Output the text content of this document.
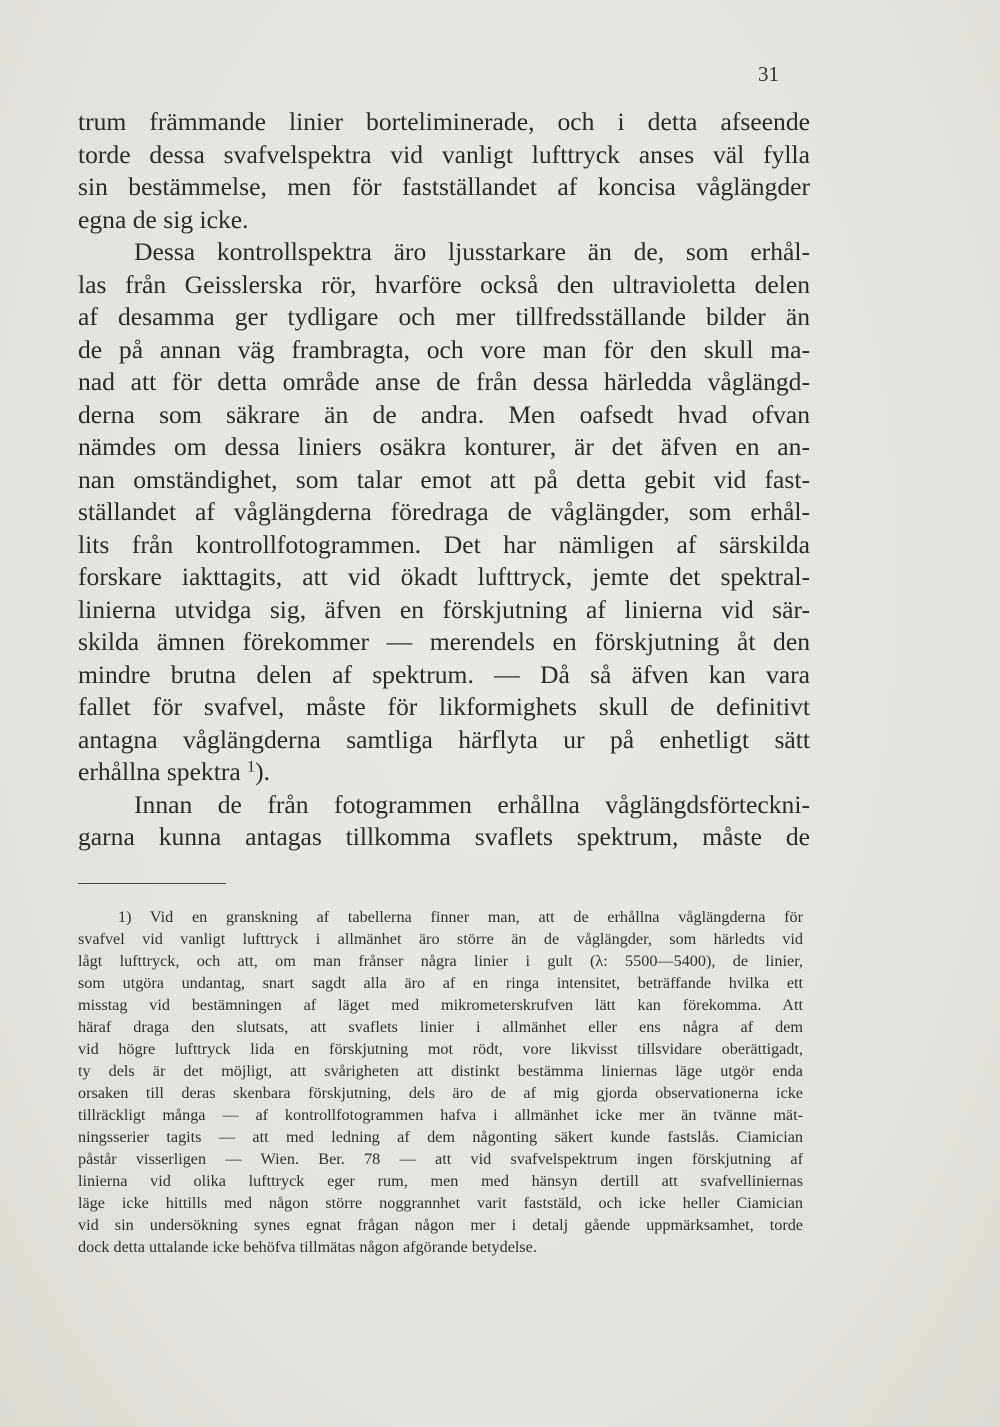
31
trum främmande linier borteliminerade, och i detta afseende
torde dessa svafvelspektra vid vanligt lufttryck anses väl fylla
sin bestämmelse, men för fastställandet af koncisa våglängder
egna de sig icke.
Dessa kontrollspektra äro ljusstarkare än de, som erhål-
las från Geisslerska rör, hvarföre också den ultravioletta delen
af desamma ger tydligare och mer tillfredsställande bilder än
de på annan väg frambragta, och vore man för den skull ma-
nad att för detta område anse de från dessa härledda våglängd-
derna som säkrare än de andra. Men oafsedt hvad ofvan
nämdes om dessa liniers osäkra konturer, är det äfven en an-
nan omständighet, som talar emot att på detta gebit vid fast-
ställandet af våglängderna föredraga de våglängder, som erhål-
lits från kontrollfotogrammen. Det har nämligen af särskilda
forskare iakttagits, att vid ökadt lufttryck, jemte det spektral-
linierna utvidga sig, äfven en förskjutning af linierna vid sär-
skilda ämnen förekommer — merendels en förskjutning åt den
mindre brutna delen af spektrum. — Då så äfven kan vara
fallet för svafvel, måste för likformighets skull de definitivt
antagna våglängderna samtliga härflyta ur på enhetligt sätt
erhållna spektra $^1$).
Innan de från fotogrammen erhållna våglängdsförteckni-
garna kunna antagas tillkomma svaflets spektrum, måste de
1) Vid en granskning af tabellerna finner man, att de erhållna våglängderna för
svafvel vid vanligt lufttryck i allmänhet äro större än de våglängder, som härledts vid
lågt lufttryck, och att, om man frånser några linier i gult (λ: 5500—5400), de linier,
som utgöra undantag, snart sagdt alla äro af en ringa intensitet, beträffande hvilka ett
misstag vid bestämningen af läget med mikrometerskrufven lätt kan förekomma. Att
häraf draga den slutsats, att svaflets linier i allmänhet eller ens några af dem
vid högre lufttryck lida en förskjutning mot rödt, vore likvisst tillsvidare oberättigadt,
ty dels är det möjligt, att svårigheten att distinkt bestämma liniernas läge utgör enda
orsaken till deras skenbara förskjutning, dels äro de af mig gjorda observationerna icke
tillräckligt många — af kontrollfotogrammen hafva i allmänhet icke mer än tvänne mät-
ningsserier tagits — att med ledning af dem någonting säkert kunde fastslås. Ciamician
påstår visserligen — Wien. Ber. 78 — att vid svafvelspektrum ingen förskjutning af
linierna vid olika lufttryck eger rum, men med hänsyn dertill att svafvelliniernas
läge icke hittills med någon större noggrannhet varit faststäld, och icke heller Ciamician
vid sin undersökning synes egnat frågan någon mer i detalj gående uppmärksamhet, torde
dock detta uttalande icke behöfva tillmätas någon afgörande betydelse.
